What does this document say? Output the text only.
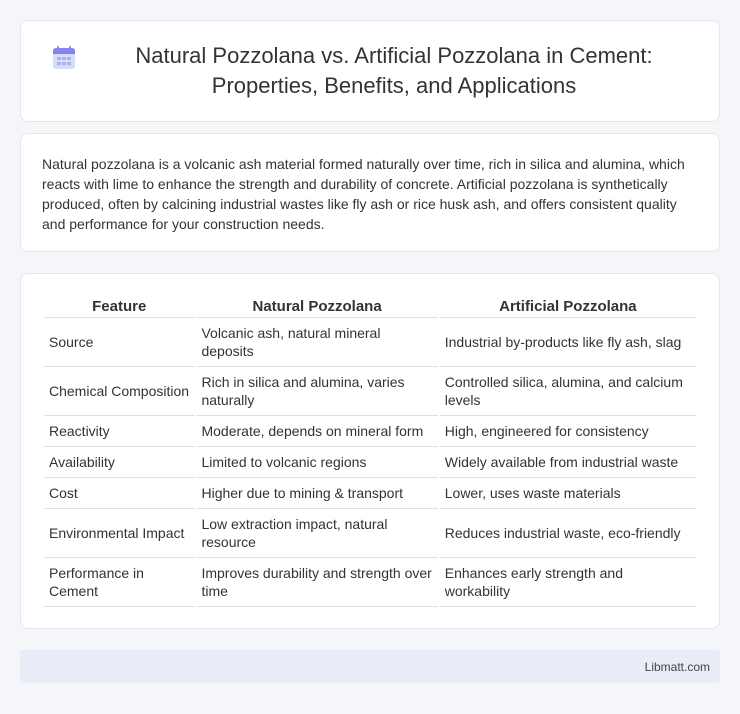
Natural Pozzolana vs. Artificial Pozzolana in Cement: Properties, Benefits, and Applications

Natural pozzolana is a volcanic ash material formed naturally over time, rich in silica and alumina, which reacts with lime to enhance the strength and durability of concrete. Artificial pozzolana is synthetically produced, often by calcining industrial wastes like fly ash or rice husk ash, and offers consistent quality and performance for your construction needs.

Feature	Natural Pozzolana	Artificial Pozzolana
Source	Volcanic ash, natural mineral deposits	Industrial by-products like fly ash, slag
Chemical Composition	Rich in silica and alumina, varies naturally	Controlled silica, alumina, and calcium levels
Reactivity	Moderate, depends on mineral form	High, engineered for consistency
Availability	Limited to volcanic regions	Widely available from industrial waste
Cost	Higher due to mining & transport	Lower, uses waste materials
Environmental Impact	Low extraction impact, natural resource	Reduces industrial waste, eco-friendly
Performance in Cement	Improves durability and strength over time	Enhances early strength and workability
Libmatt.com
